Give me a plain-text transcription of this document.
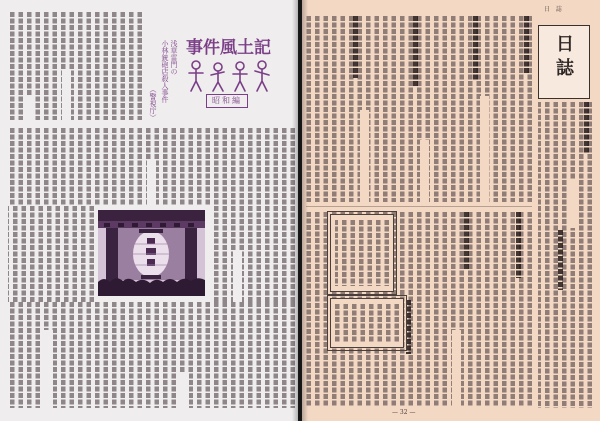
浅草雷門の
小林銃砲店殺人事件
（警視庁）
事件風土記
昭和編
日 誌
日誌
— 32 —
